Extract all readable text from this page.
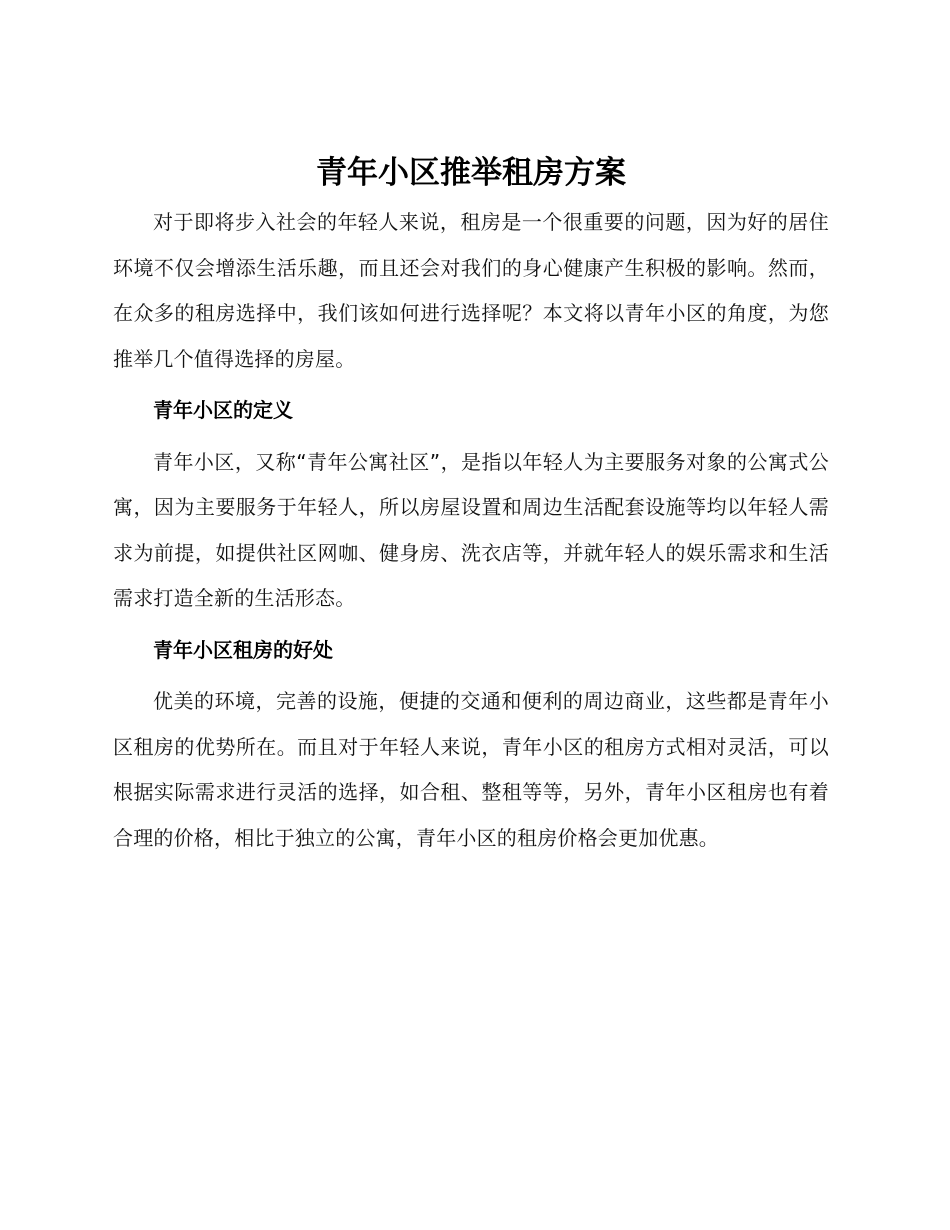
青年小区推举租房方案

对于即将步入社会的年轻人来说，租房是一个很重要的问题，因为好的居住环境不仅会增添生活乐趣，而且还会对我们的身心健康产生积极的影响。然而，在众多的租房选择中，我们该如何进行选择呢？本文将以青年小区的角度，为您推举几个值得选择的房屋。

青年小区的定义

青年小区，又称“青年公寓社区”，是指以年轻人为主要服务对象的公寓式公寓，因为主要服务于年轻人，所以房屋设置和周边生活配套设施等均以年轻人需求为前提，如提供社区网咖、健身房、洗衣店等，并就年轻人的娱乐需求和生活需求打造全新的生活形态。

青年小区租房的好处

优美的环境，完善的设施，便捷的交通和便利的周边商业，这些都是青年小区租房的优势所在。而且对于年轻人来说，青年小区的租房方式相对灵活，可以根据实际需求进行灵活的选择，如合租、整租等等，另外，青年小区租房也有着合理的价格，相比于独立的公寓，青年小区的租房价格会更加优惠。
